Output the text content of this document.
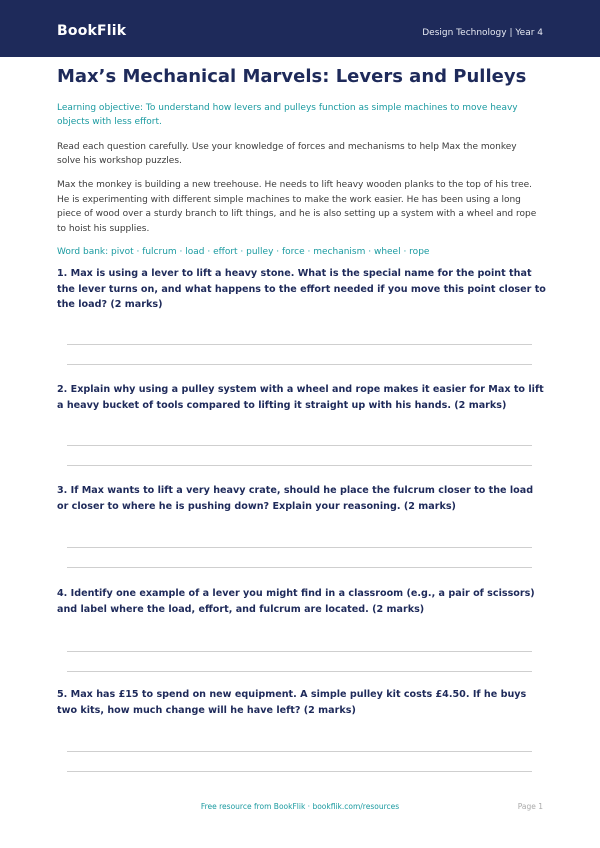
BookFlik	Design Technology | Year 4
Max’s Mechanical Marvels: Levers and Pulleys

Learning objective: To understand how levers and pulleys function as simple machines to move heavy objects with less effort.

Read each question carefully. Use your knowledge of forces and mechanisms to help Max the monkey solve his workshop puzzles.

Max the monkey is building a new treehouse. He needs to lift heavy wooden planks to the top of his tree. He is experimenting with different simple machines to make the work easier. He has been using a long piece of wood over a sturdy branch to lift things, and he is also setting up a system with a wheel and rope to hoist his supplies.

Word bank: pivot · fulcrum · load · effort · pulley · force · mechanism · wheel · rope

1. Max is using a lever to lift a heavy stone. What is the special name for the point that the lever turns on, and what happens to the effort needed if you move this point closer to the load? (2 marks)

2. Explain why using a pulley system with a wheel and rope makes it easier for Max to lift a heavy bucket of tools compared to lifting it straight up with his hands. (2 marks)

3. If Max wants to lift a very heavy crate, should he place the fulcrum closer to the load or closer to where he is pushing down? Explain your reasoning. (2 marks)

4. Identify one example of a lever you might find in a classroom (e.g., a pair of scissors) and label where the load, effort, and fulcrum are located. (2 marks)

5. Max has £15 to spend on new equipment. A simple pulley kit costs £4.50. If he buys two kits, how much change will he have left? (2 marks)

Free resource from BookFlik · bookflik.com/resources	Page 1
